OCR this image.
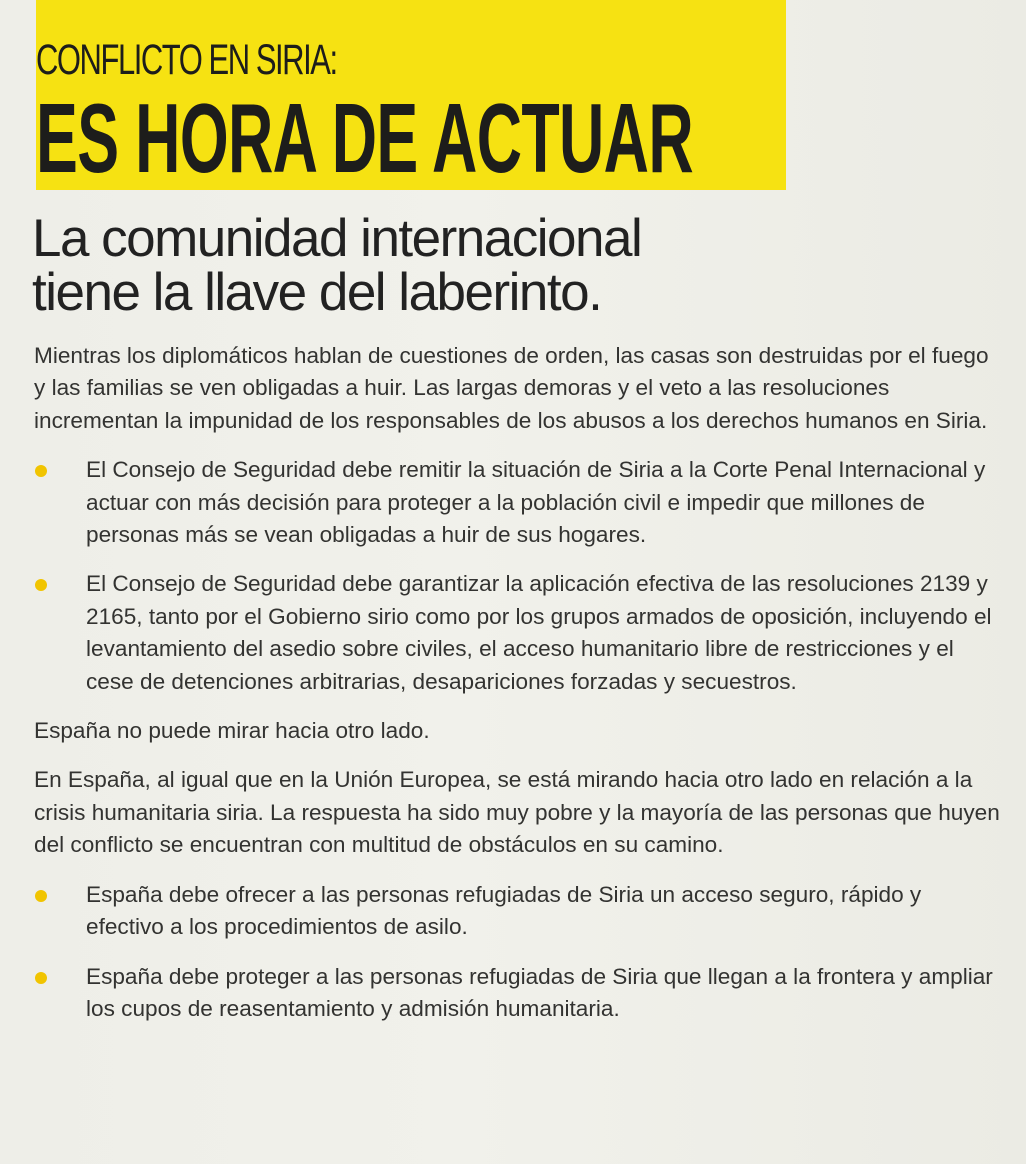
CONFLICTO EN SIRIA:
ES HORA DE ACTUAR
La comunidad internacional
tiene la llave del laberinto.

Mientras los diplomáticos hablan de cuestiones de orden, las casas son destruidas por el fuego y las familias se ven obligadas a huir. Las largas demoras y el veto a las resoluciones incrementan la impunidad de los responsables de los abusos a los derechos humanos en Siria.

El Consejo de Seguridad debe remitir la situación de Siria a la Corte Penal Internacional y actuar con más decisión para proteger a la población civil e impedir que millones de personas más se vean obligadas a huir de sus hogares.
El Consejo de Seguridad debe garantizar la aplicación efectiva de las resoluciones 2139 y 2165, tanto por el Gobierno sirio como por los grupos armados de oposición, incluyendo el levantamiento del asedio sobre civiles, el acceso humanitario libre de restricciones y el cese de detenciones arbitrarias, desapariciones forzadas y secuestros.

España no puede mirar hacia otro lado.

En España, al igual que en la Unión Europea, se está mirando hacia otro lado en relación a la crisis humanitaria siria. La respuesta ha sido muy pobre y la mayoría de las personas que huyen del conflicto se encuentran con multitud de obstáculos en su camino.

España debe ofrecer a las personas refugiadas de Siria un acceso seguro, rápido y efectivo a los procedimientos de asilo.
España debe proteger a las personas refugiadas de Siria que llegan a la frontera y ampliar los cupos de reasentamiento y admisión humanitaria.
